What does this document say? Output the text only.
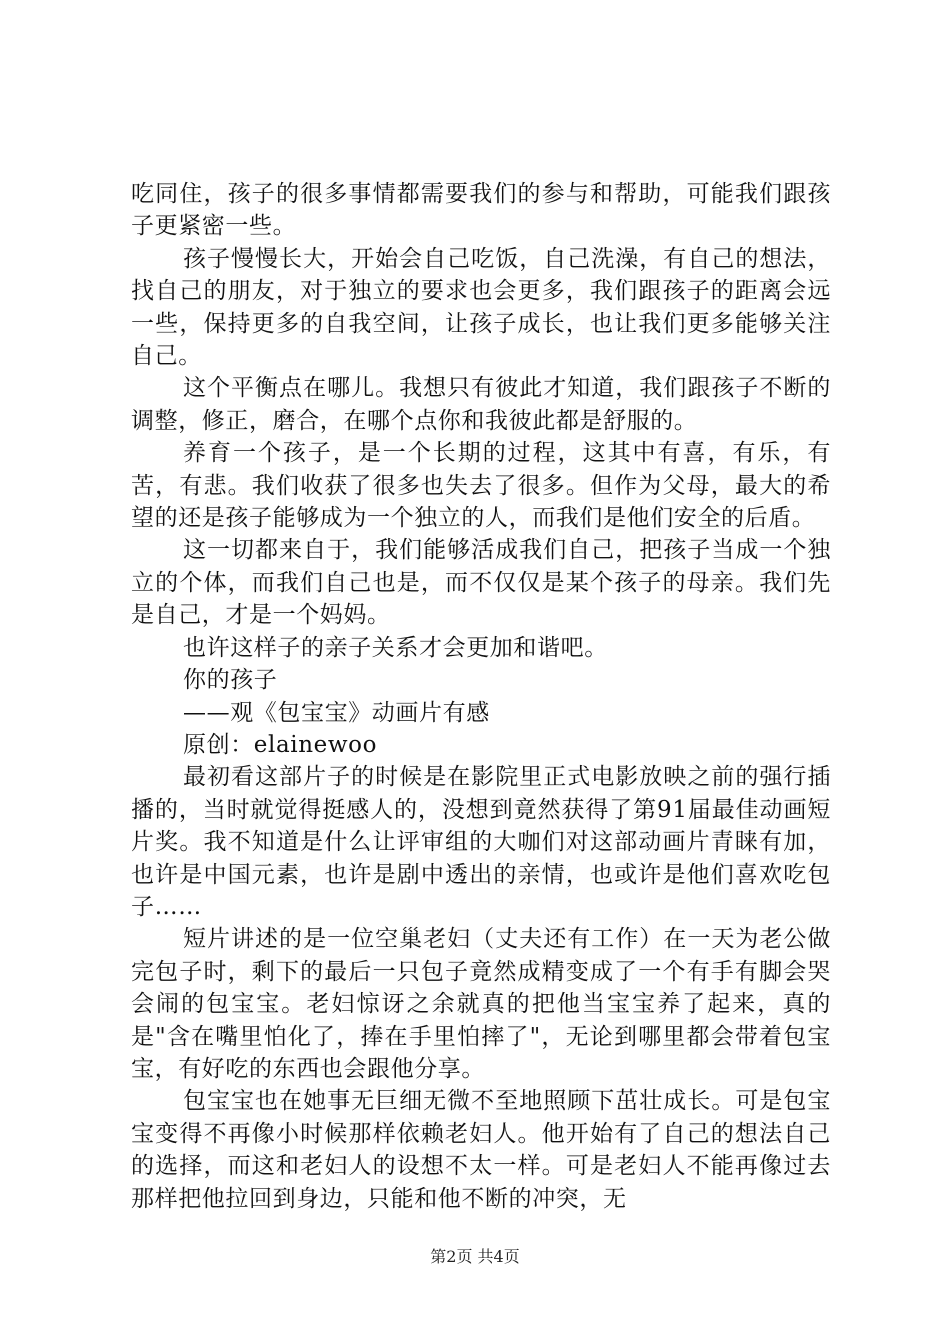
吃同住，孩子的很多事情都需要我们的参与和帮助，可能我们跟孩子更紧密一些。

孩子慢慢长大，开始会自己吃饭，自己洗澡，有自己的想法，找自己的朋友，对于独立的要求也会更多，我们跟孩子的距离会远一些，保持更多的自我空间，让孩子成长，也让我们更多能够关注自己。

这个平衡点在哪儿。我想只有彼此才知道，我们跟孩子不断的调整，修正，磨合，在哪个点你和我彼此都是舒服的。

养育一个孩子，是一个长期的过程，这其中有喜，有乐，有苦，有悲。我们收获了很多也失去了很多。但作为父母，最大的希望的还是孩子能够成为一个独立的人，而我们是他们安全的后盾。

这一切都来自于，我们能够活成我们自己，把孩子当成一个独立的个体，而我们自己也是，而不仅仅是某个孩子的母亲。我们先是自己，才是一个妈妈。

也许这样子的亲子关系才会更加和谐吧。

你的孩子

——观《包宝宝》动画片有感

原创：elainewoo

最初看这部片子的时候是在影院里正式电影放映之前的强行插播的，当时就觉得挺感人的，没想到竟然获得了第91届最佳动画短片奖。我不知道是什么让评审组的大咖们对这部动画片青睐有加，也许是中国元素，也许是剧中透出的亲情，也或许是他们喜欢吃包子……

短片讲述的是一位空巢老妇（丈夫还有工作）在一天为老公做完包子时，剩下的最后一只包子竟然成精变成了一个有手有脚会哭会闹的包宝宝。老妇惊讶之余就真的把他当宝宝养了起来，真的是"含在嘴里怕化了，捧在手里怕摔了"，无论到哪里都会带着包宝宝，有好吃的东西也会跟他分享。

包宝宝也在她事无巨细无微不至地照顾下茁壮成长。可是包宝宝变得不再像小时候那样依赖老妇人。他开始有了自己的想法自己的选择，而这和老妇人的设想不太一样。可是老妇人不能再像过去那样把他拉回到身边，只能和他不断的冲突，无

第2页 共4页
